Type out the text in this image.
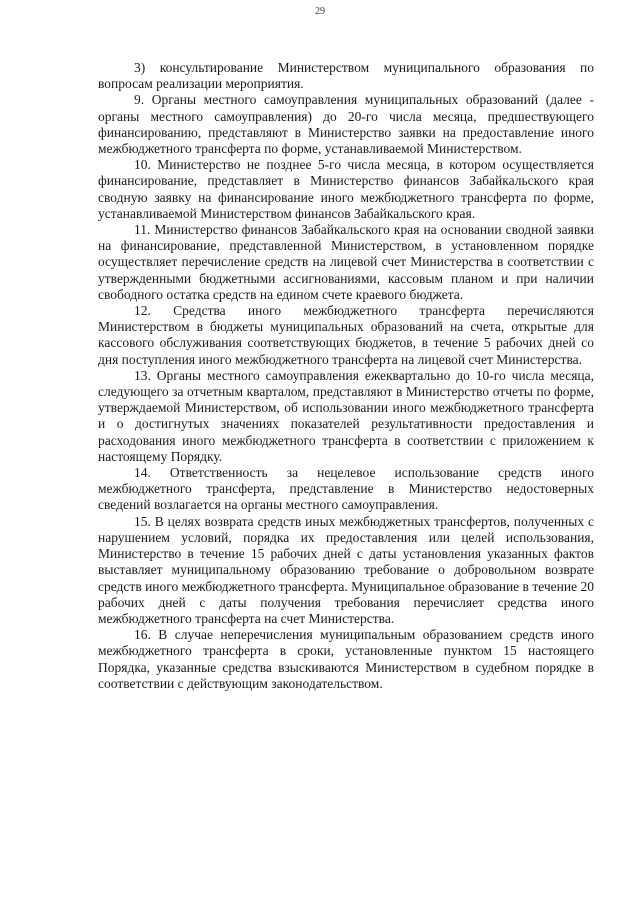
29

3) консультирование Министерством муниципального образования по вопросам реализации мероприятия.

9. Органы местного самоуправления муниципальных образований (далее - органы местного самоуправления) до 20-го числа месяца, предшествующего финансированию, представляют в Министерство заявки на предоставление иного межбюджетного трансферта по форме, устанавливаемой Министерством.

10. Министерство не позднее 5-го числа месяца, в котором осуществляется финансирование, представляет в Министерство финансов Забайкальского края сводную заявку на финансирование иного межбюджетного трансферта по форме, устанавливаемой Министерством финансов Забайкальского края.

11. Министерство финансов Забайкальского края на основании сводной заявки на финансирование, представленной Министерством, в установленном порядке осуществляет перечисление средств на лицевой счет Министерства в соответствии с утвержденными бюджетными ассигнованиями, кассовым планом и при наличии свободного остатка средств на едином счете краевого бюджета.

12. Средства иного межбюджетного трансферта перечисляются Министерством в бюджеты муниципальных образований на счета, открытые для кассового обслуживания соответствующих бюджетов, в течение 5 рабочих дней со дня поступления иного межбюджетного трансферта на лицевой счет Министерства.

13. Органы местного самоуправления ежеквартально до 10-го числа месяца, следующего за отчетным кварталом, представляют в Министерство отчеты по форме, утверждаемой Министерством, об использовании иного межбюджетного трансферта и о достигнутых значениях показателей результативности предоставления и расходования иного межбюджетного трансферта в соответствии с приложением к настоящему Порядку.

14. Ответственность за нецелевое использование средств иного межбюджетного трансферта, представление в Министерство недостоверных сведений возлагается на органы местного самоуправления.

15. В целях возврата средств иных межбюджетных трансфертов, полученных с нарушением условий, порядка их предоставления или целей использования, Министерство в течение 15 рабочих дней с даты установления указанных фактов выставляет муниципальному образованию требование о добровольном возврате средств иного межбюджетного трансферта. Муниципальное образование в течение 20 рабочих дней с даты получения требования перечисляет средства иного межбюджетного трансферта на счет Министерства.

16. В случае неперечисления муниципальным образованием средств иного межбюджетного трансферта в сроки, установленные пунктом 15 настоящего Порядка, указанные средства взыскиваются Министерством в судебном порядке в соответствии с действующим законодательством.
